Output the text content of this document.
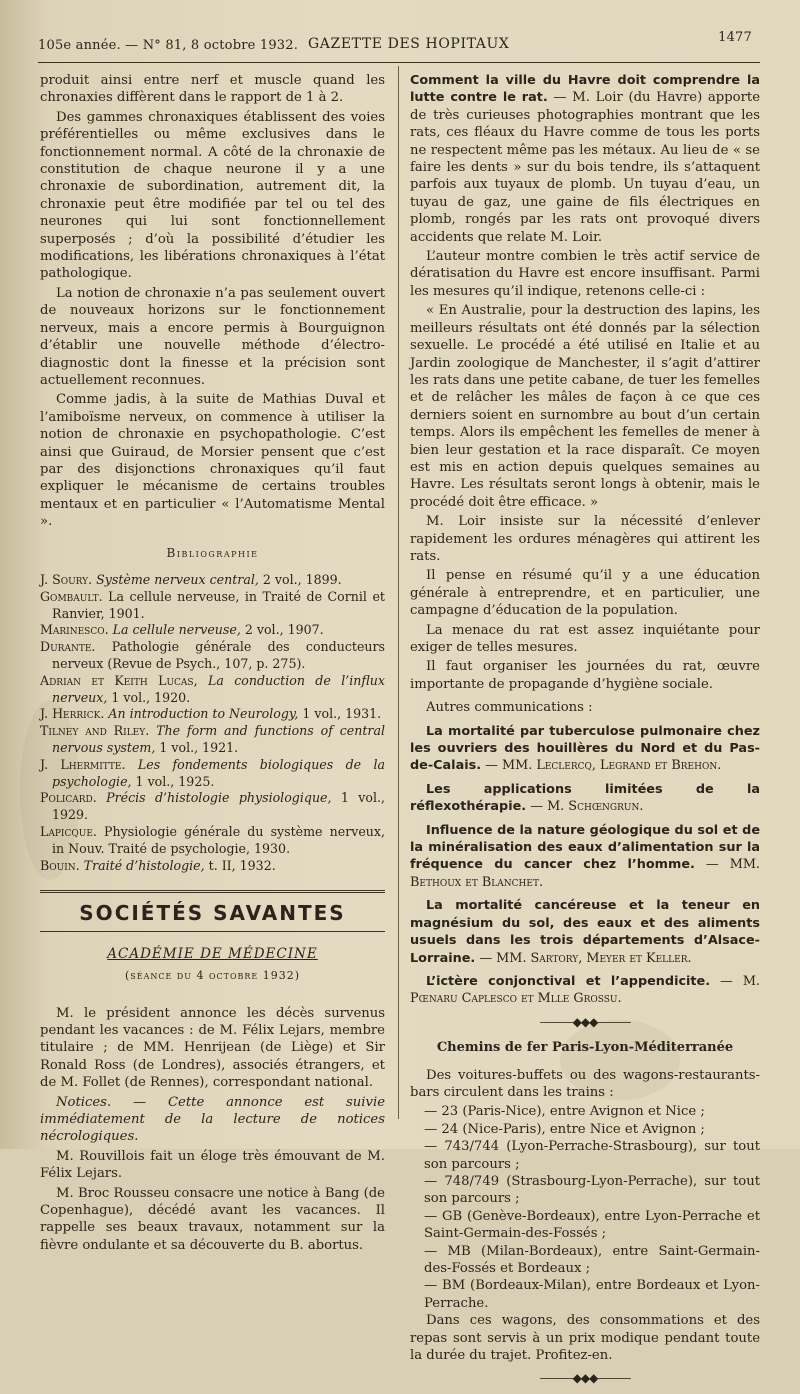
105e année. — N° 81, 8 octobre 1932. GAZETTE DES HOPITAUX	1477

produit ainsi entre nerf et muscle quand les chronaxies diffèrent dans le rapport de 1 à 2.

Des gammes chronaxiques établissent des voies préférentielles ou même exclusives dans le fonctionnement normal. A côté de la chronaxie de constitution de chaque neurone il y a une chronaxie de subordination, autrement dit, la chronaxie peut être modifiée par tel ou tel des neurones qui lui sont fonctionnellement superposés ; d’où la possibilité d’étudier les modifications, les libérations chronaxiques à l’état pathologique.

La notion de chronaxie n’a pas seulement ouvert de nouveaux horizons sur le fonctionnement nerveux, mais a encore permis à Bourguignon d’établir une nouvelle méthode d’électro-diagnostic dont la finesse et la précision sont actuellement reconnues.

Comme jadis, à la suite de Mathias Duval et l’amiboïsme nerveux, on commence à utiliser la notion de chronaxie en psychopathologie. C’est ainsi que Guiraud, de Morsier pensent que c’est par des disjonctions chronaxiques qu’il faut expliquer le mécanisme de certains troubles mentaux et en particulier « l’Automatisme Mental ».

Bibliographie

J. Soury. Système nerveux central, 2 vol., 1899.

Gombault. La cellule nerveuse, in Traité de Cornil et Ranvier, 1901.

Marinesco. La cellule nerveuse, 2 vol., 1907.

Durante. Pathologie générale des conducteurs nerveux (Revue de Psych., 107, p. 275).

Adrian et Keith Lucas, La conduction de l’influx nerveux, 1 vol., 1920.

J. Herrick. An introduction to Neurology, 1 vol., 1931.

Tilney and Riley. The form and functions of central nervous system, 1 vol., 1921.

J. Lhermitte. Les fondements biologiques de la psychologie, 1 vol., 1925.

Policard. Précis d’histologie physiologique, 1 vol., 1929.

Lapicque. Physiologie générale du système nerveux, in Nouv. Traité de psychologie, 1930.

Bouin. Traité d’histologie, t. II, 1932.

SOCIÉTÉS SAVANTES
ACADÉMIE DE MÉDECINE
(séance du 4 octobre 1932)

M. le président annonce les décès survenus pendant les vacances : de M. Félix Lejars, membre titulaire ; de MM. Henrijean (de Liège) et Sir Ronald Ross (de Londres), associés étrangers, et de M. Follet (de Rennes), correspondant national.

Notices. — Cette annonce est suivie immédiatement de la lecture de notices nécrologiques.

M. Rouvillois fait un éloge très émouvant de M. Félix Lejars.

M. Broc Rousseu consacre une notice à Bang (de Copenhague), décédé avant les vacances. Il rappelle ses beaux travaux, notamment sur la fièvre ondulante et sa découverte du B. abortus.

Comment la ville du Havre doit comprendre la lutte contre le rat. — M. Loir (du Havre) apporte de très curieuses photographies montrant que les rats, ces fléaux du Havre comme de tous les ports ne respectent même pas les métaux. Au lieu de « se faire les dents » sur du bois tendre, ils s’attaquent parfois aux tuyaux de plomb. Un tuyau d’eau, un tuyau de gaz, une gaine de fils électriques en plomb, rongés par les rats ont provoqué divers accidents que relate M. Loir.

L’auteur montre combien le très actif service de dératisation du Havre est encore insuffisant. Parmi les mesures qu’il indique, retenons celle-ci :

« En Australie, pour la destruction des lapins, les meilleurs résultats ont été donnés par la sélection sexuelle. Le procédé a été utilisé en Italie et au Jardin zoologique de Manchester, il s’agit d’attirer les rats dans une petite cabane, de tuer les femelles et de relâcher les mâles de façon à ce que ces derniers soient en surnombre au bout d’un certain temps. Alors ils empêchent les femelles de mener à bien leur gestation et la race disparaît. Ce moyen est mis en action depuis quelques semaines au Havre. Les résultats seront longs à obtenir, mais le procédé doit être efficace. »

M. Loir insiste sur la nécessité d’enlever rapidement les ordures ménagères qui attirent les rats.

Il pense en résumé qu’il y a une éducation générale à entreprendre, et en particulier, une campagne d’éducation de la population.

La menace du rat est assez inquiétante pour exiger de telles mesures.

Il faut organiser les journées du rat, œuvre importante de propagande d’hygiène sociale.

Autres communications :

La mortalité par tuberculose pulmonaire chez les ouvriers des houillères du Nord et du Pas-de-Calais. — MM. Leclercq, Legrand et Brehon.

Les applications limitées de la réflexothérapie. — M. Schœngrun.

Influence de la nature géologique du sol et de la minéralisation des eaux d’alimentation sur la fréquence du cancer chez l’homme. — MM. Bethoux et Blanchet.

La mortalité cancéreuse et la teneur en magnésium du sol, des eaux et des aliments usuels dans les trois départements d’Alsace-Lorraine. — MM. Sartory, Meyer et Keller.

L’ictère conjonctival et l’appendicite. — M. Pœnaru Caplesco et Mlle Grossu.

———◆◆◆———
Chemins de fer Paris-Lyon-Méditerranée

Des voitures-buffets ou des wagons-restaurants-bars circulent dans les trains :

— 23 (Paris-Nice), entre Avignon et Nice ;
— 24 (Nice-Paris), entre Nice et Avignon ;
— 743/744 (Lyon-Perrache-Strasbourg), sur tout son parcours ;
— 748/749 (Strasbourg-Lyon-Perrache), sur tout son parcours ;
— GB (Genève-Bordeaux), entre Lyon-Perrache et Saint-Germain-des-Fossés ;
— MB (Milan-Bordeaux), entre Saint-Germain-des-Fossés et Bordeaux ;
— BM (Bordeaux-Milan), entre Bordeaux et Lyon-Perrache.

Dans ces wagons, des consommations et des repas sont servis à un prix modique pendant toute la durée du trajet. Profitez-en.

———◆◆◆———
